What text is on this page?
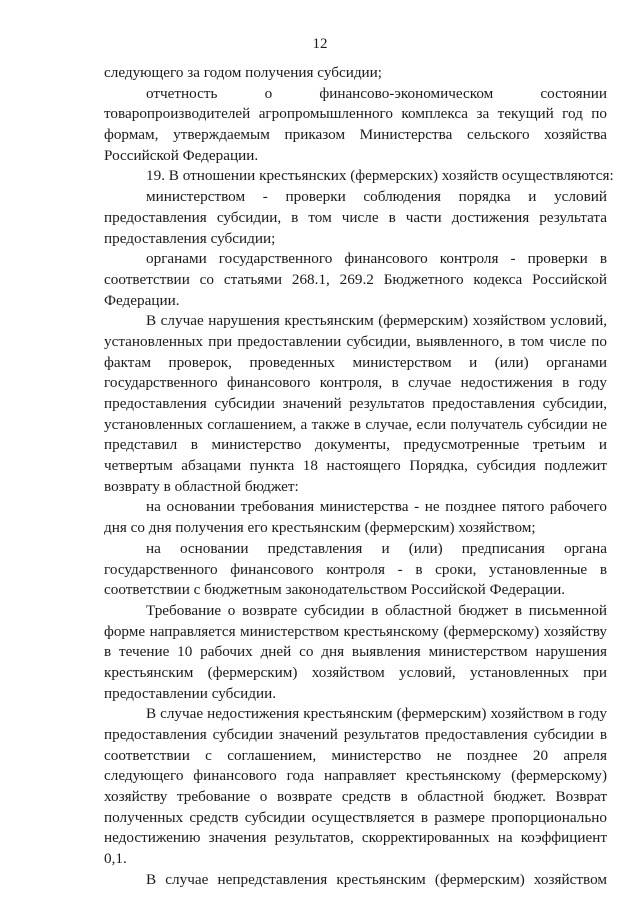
12
следующего за годом получения субсидии;
отчетность о финансово-экономическом состоянии
товаропроизводителей агропромышленного комплекса за текущий год по
формам, утверждаемым приказом Министерства сельского хозяйства
Российской Федерации.
19. В отношении крестьянских (фермерских) хозяйств осуществляются:
министерством - проверки соблюдения порядка и условий
предоставления субсидии, в том числе в части достижения результата
предоставления субсидии;
органами государственного финансового контроля - проверки в
соответствии со статьями 268.1, 269.2 Бюджетного кодекса Российской
Федерации.
В случае нарушения крестьянским (фермерским) хозяйством условий,
установленных при предоставлении субсидии, выявленного, в том числе по
фактам проверок, проведенных министерством и (или) органами
государственного финансового контроля, в случае недостижения в году
предоставления субсидии значений результатов предоставления субсидии,
установленных соглашением, а также в случае, если получатель субсидии не
представил в министерство документы, предусмотренные третьим и
четвертым абзацами пункта 18 настоящего Порядка, субсидия подлежит
возврату в областной бюджет:
на основании требования министерства - не позднее пятого рабочего
дня со дня получения его крестьянским (фермерским) хозяйством;
на основании представления и (или) предписания органа
государственного финансового контроля - в сроки, установленные в
соответствии с бюджетным законодательством Российской Федерации.
Требование о возврате субсидии в областной бюджет в письменной
форме направляется министерством крестьянскому (фермерскому) хозяйству
в течение 10 рабочих дней со дня выявления министерством нарушения
крестьянским (фермерским) хозяйством условий, установленных при
предоставлении субсидии.
В случае недостижения крестьянским (фермерским) хозяйством в году
предоставления субсидии значений результатов предоставления субсидии в
соответствии с соглашением, министерство не позднее 20 апреля
следующего финансового года направляет крестьянскому (фермерскому)
хозяйству требование о возврате средств в областной бюджет. Возврат
полученных средств субсидии осуществляется в размере пропорционально
недостижению значения результатов, скорректированных на коэффициент
0,1.
В случае непредставления крестьянским (фермерским) хозяйством
